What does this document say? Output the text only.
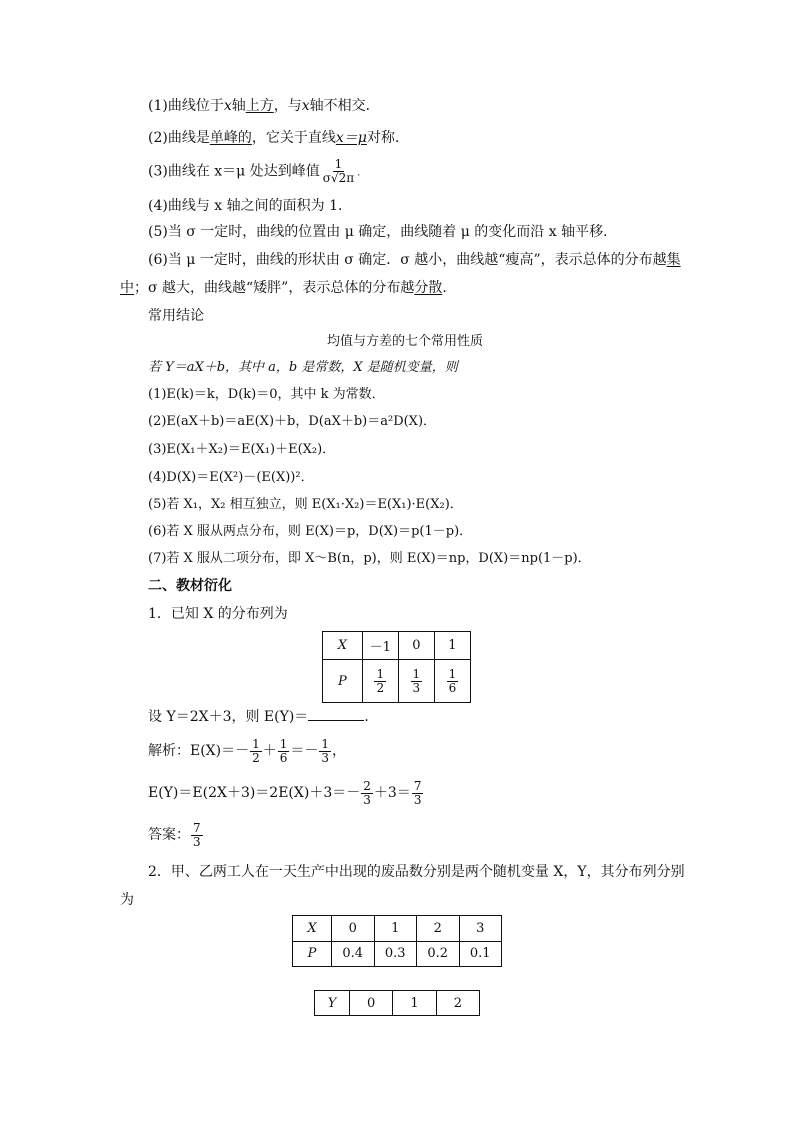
(1)曲线位于x轴上方，与x轴不相交．
(2)曲线是单峰的，它关于直线x＝μ对称．
(3)曲线在 x＝μ 处达到峰值 $\frac{1}{\sigma√2\pi}$ .
(4)曲线与 x 轴之间的面积为 1．
(5)当 σ 一定时，曲线的位置由 μ 确定，曲线随着 μ 的变化而沿 x 轴平移．
(6)当 μ 一定时，曲线的形状由 σ 确定．σ 越小，曲线越“瘦高”，表示总体的分布越集
中；σ 越大，曲线越“矮胖”，表示总体的分布越分散．
常用结论
均值与方差的七个常用性质
若 Y＝aX＋b，其中 a，b 是常数，X 是随机变量，则
(1)E(k)＝k，D(k)＝0，其中 k 为常数．
(2)E(aX＋b)＝aE(X)＋b，D(aX＋b)＝a²D(X)．
(3)E(X₁＋X₂)＝E(X₁)＋E(X₂)．
(4)D(X)＝E(X²)－(E(X))²．
(5)若 X₁，X₂ 相互独立，则 E(X₁·X₂)＝E(X₁)·E(X₂)．
(6)若 X 服从两点分布，则 E(X)＝p，D(X)＝p(1－p)．
(7)若 X 服从二项分布，即 X～B(n，p)，则 E(X)＝np，D(X)＝np(1－p)．
二、教材衍化
1．已知 X 的分布列为
X	－1	0	1
P	$\frac{1}{2}$	$\frac{1}{3}$	$\frac{1}{6}$
设 Y＝2X＋3，则 E(Y)＝	．
解析：$E(X)=- \frac{1}{2} + \frac{1}{6} =- \frac{1}{3}$ ，
$E(Y)=E(2X+3)=2E(X)+3=- \frac{2}{3} +3= \frac{7}{3}$
答案： $\frac{7}{3}$
2．甲、乙两工人在一天生产中出现的废品数分别是两个随机变量 X，Y，其分布列分别
为
X	0	1	2	3
P	0.4	0.3	0.2	0.1
Y	0	1	2
